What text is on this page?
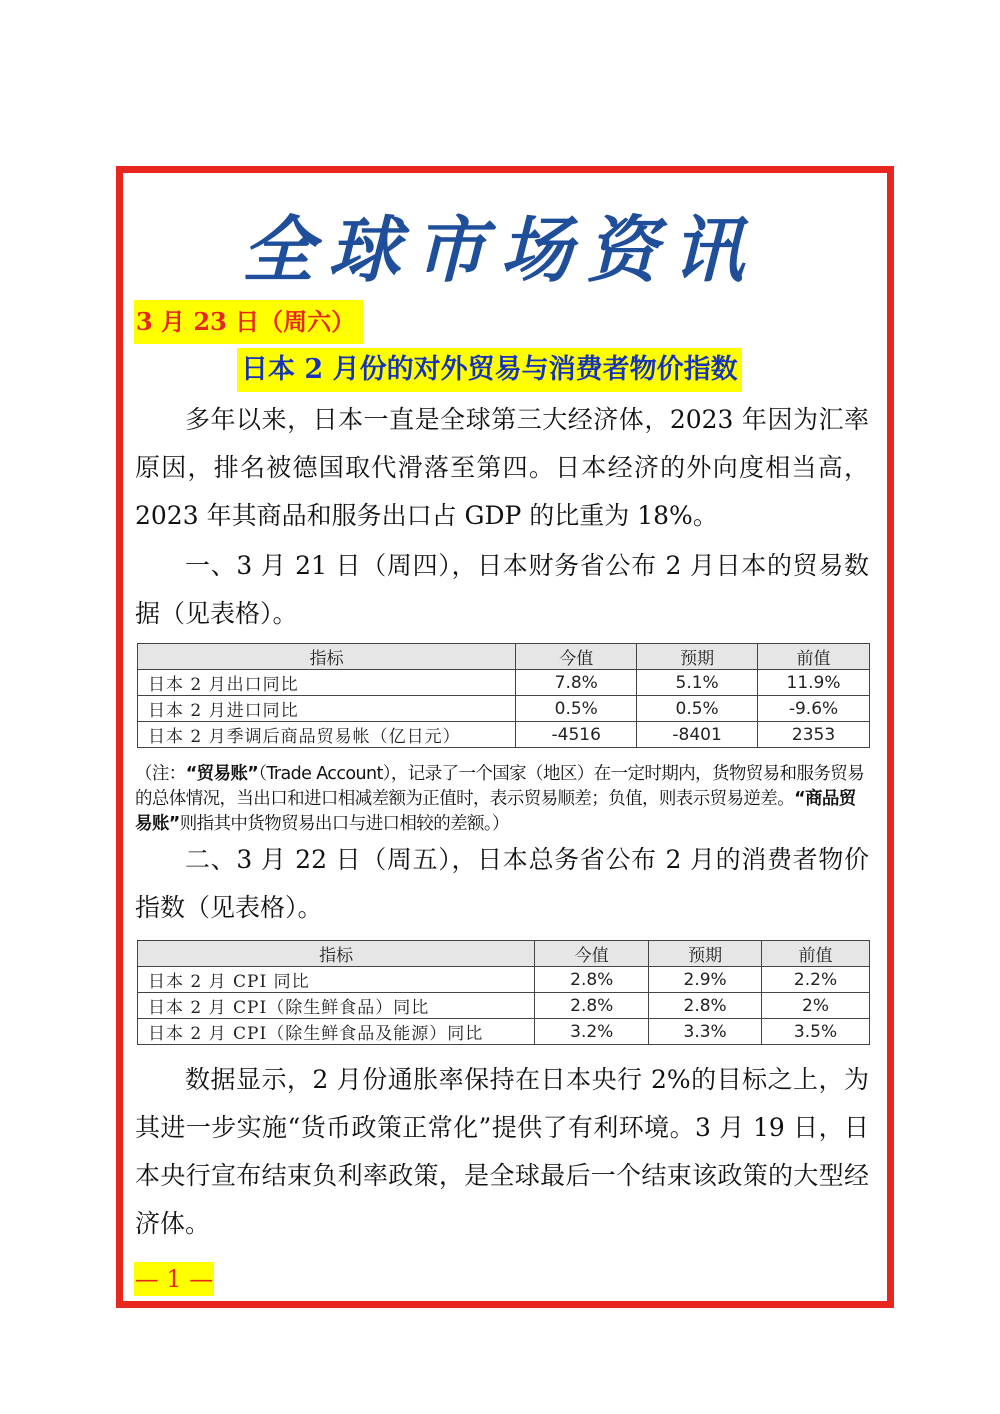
全球市场资讯
3 月 23 日（周六）
日本 2 月份的对外贸易与消费者物价指数

多年以来，日本一直是全球第三大经济体，2023 年因为汇率原因，排名被德国取代滑落至第四。日本经济的外向度相当高，2023 年其商品和服务出口占 GDP 的比重为 18%。

一、3 月 21 日（周四），日本财务省公布 2 月日本的贸易数据（见表格）。

指标	今值	预期	前值
日本 2 月出口同比	7.8%	5.1%	11.9%
日本 2 月进口同比	0.5%	0.5%	-9.6%
日本 2 月季调后商品贸易帐（亿日元）	-4516	-8401	2353

（注：“贸易账”（Trade Account），记录了一个国家（地区）在一定时期内，货物贸易和服务贸易的总体情况，当出口和进口相减差额为正值时，表示贸易顺差；负值，则表示贸易逆差。“商品贸易账”则指其中货物贸易出口与进口相较的差额。）

二、3 月 22 日（周五），日本总务省公布 2 月的消费者物价指数（见表格）。

指标	今值	预期	前值
日本 2 月 CPI 同比	2.8%	2.9%	2.2%
日本 2 月 CPI（除生鲜食品）同比	2.8%	2.8%	2%
日本 2 月 CPI（除生鲜食品及能源）同比	3.2%	3.3%	3.5%

数据显示，2 月份通胀率保持在日本央行 2%的目标之上，为其进一步实施“货币政策正常化”提供了有利环境。3 月 19 日，日本央行宣布结束负利率政策，是全球最后一个结束该政策的大型经济体。

— 1 —
